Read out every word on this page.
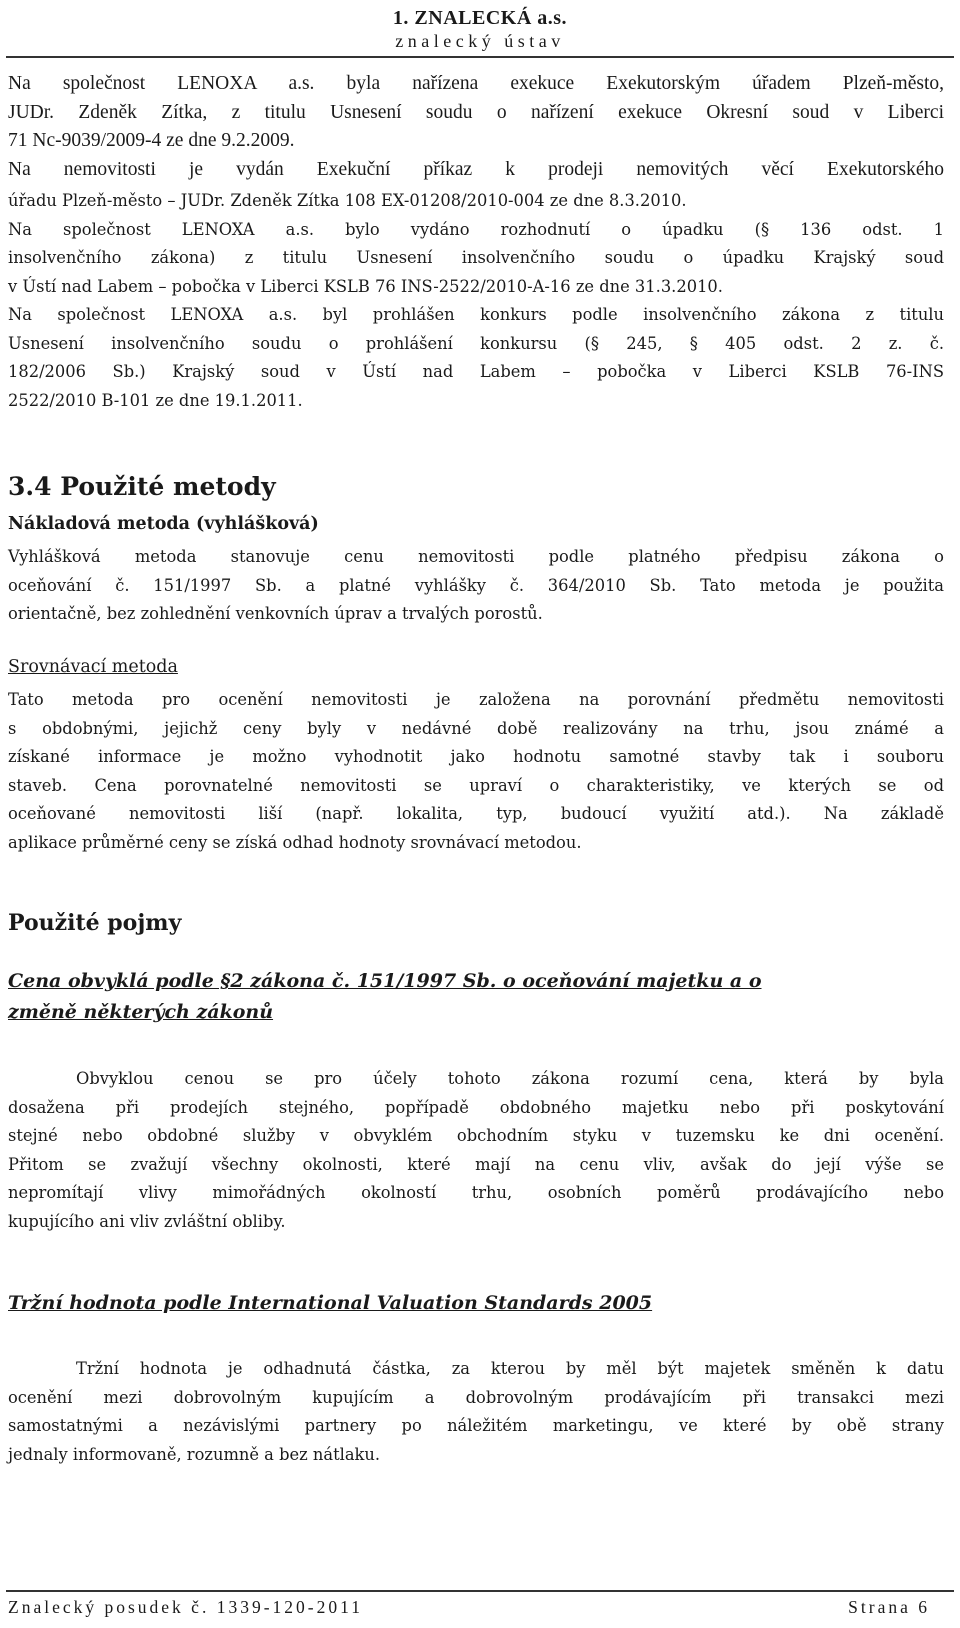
1. ZNALECKÁ a.s.
znalecký ústav
Na společnost LENOXA a.s. byla nařízena exekuce Exekutorským úřadem Plzeň-město,
JUDr. Zdeněk Zítka, z titulu Usnesení soudu o nařízení exekuce Okresní soud v Liberci
71 Nc-9039/2009-4 ze dne 9.2.2009.
Na nemovitosti je vydán Exekuční příkaz k prodeji nemovitých věcí Exekutorského
úřadu Plzeň-město – JUDr. Zdeněk Zítka 108 EX-01208/2010-004 ze dne 8.3.2010.
Na společnost LENOXA a.s. bylo vydáno rozhodnutí o úpadku (§ 136 odst. 1
insolvenčního zákona) z titulu Usnesení insolvenčního soudu o úpadku Krajský soud
v Ústí nad Labem – pobočka v Liberci KSLB 76 INS-2522/2010-A-16 ze dne 31.3.2010.
Na společnost LENOXA a.s. byl prohlášen konkurs podle insolvenčního zákona z titulu
Usnesení insolvenčního soudu o prohlášení konkursu (§ 245, § 405 odst. 2 z. č.
182/2006 Sb.) Krajský soud v Ústí nad Labem – pobočka v Liberci KSLB 76-INS
2522/2010 B-101 ze dne 19.1.2011.
3.4 Použité metody
Nákladová metoda (vyhlášková)
Vyhlášková metoda stanovuje cenu nemovitosti podle platného předpisu zákona o
oceňování č. 151/1997 Sb. a platné vyhlášky č. 364/2010 Sb. Tato metoda je použita
orientačně, bez zohlednění venkovních úprav a trvalých porostů.
Srovnávací metoda
Tato metoda pro ocenění nemovitosti je založena na porovnání předmětu nemovitosti
s obdobnými, jejichž ceny byly v nedávné době realizovány na trhu, jsou známé a
získané informace je možno vyhodnotit jako hodnotu samotné stavby tak i souboru
staveb. Cena porovnatelné nemovitosti se upraví o charakteristiky, ve kterých se od
oceňované nemovitosti liší (např. lokalita, typ, budoucí využití atd.). Na základě
aplikace průměrné ceny se získá odhad hodnoty srovnávací metodou.
Použité pojmy
Cena obvyklá podle §2 zákona č. 151/1997 Sb. o oceňování majetku a o
změně některých zákonů
Obvyklou cenou se pro účely tohoto zákona rozumí cena, která by byla
dosažena při prodejích stejného, popřípadě obdobného majetku nebo při poskytování
stejné nebo obdobné služby v obvyklém obchodním styku v tuzemsku ke dni ocenění.
Přitom se zvažují všechny okolnosti, které mají na cenu vliv, avšak do její výše se
nepromítají vlivy mimořádných okolností trhu, osobních poměrů prodávajícího nebo
kupujícího ani vliv zvláštní obliby.
Tržní hodnota podle International Valuation Standards 2005
Tržní hodnota je odhadnutá částka, za kterou by měl být majetek směněn k datu
ocenění mezi dobrovolným kupujícím a dobrovolným prodávajícím při transakci mezi
samostatnými a nezávislými partnery po náležitém marketingu, ve které by obě strany
jednaly informovaně, rozumně a bez nátlaku.
Znalecký posudek č. 1339-120-2011	Strana 6
